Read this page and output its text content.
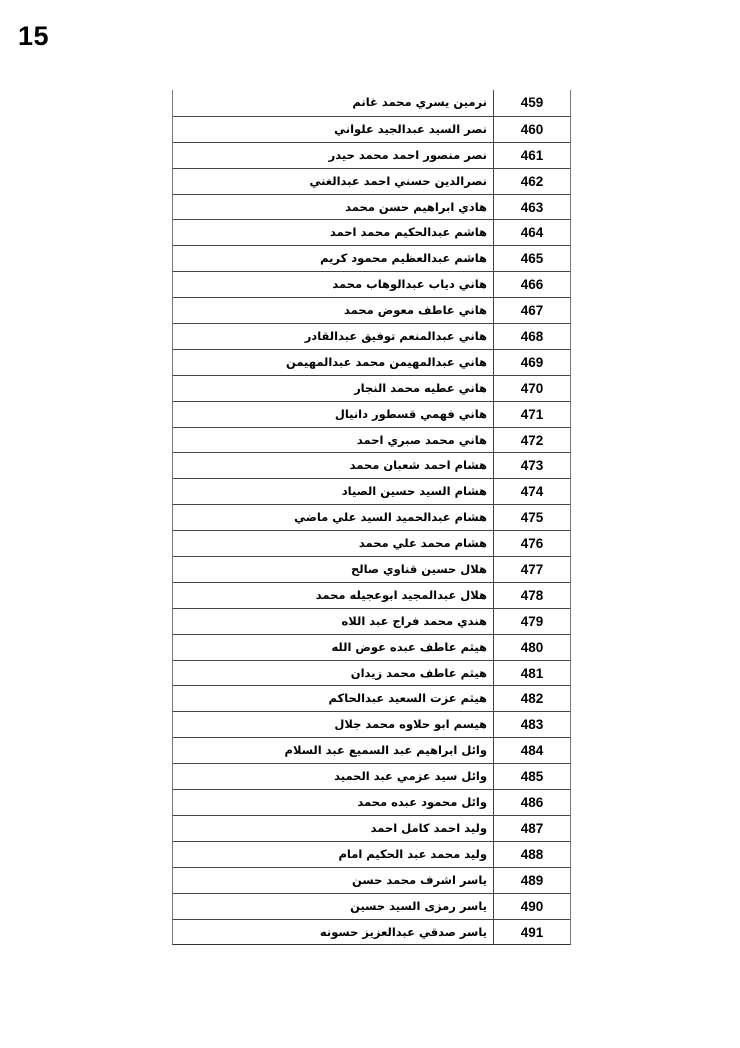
15
نرمين يسري محمد غانم	459
نصر السيد عبدالجيد علواني	460
نصر منصور احمد محمد حيدر	461
نصرالدين حسني احمد عبدالغني	462
هادي ابراهيم حسن محمد	463
هاشم عبدالحكيم محمد احمد	464
هاشم عبدالعظيم محمود كريم	465
هاني دياب عبدالوهاب محمد	466
هاني عاطف معوض محمد	467
هاني عبدالمنعم توفيق عبدالقادر	468
هاني عبدالمهيمن محمد عبدالمهيمن	469
هاني عطيه محمد النجار	470
هاني فهمي قسطور دانيال	471
هاني محمد صبري احمد	472
هشام احمد شعبان محمد	473
هشام السيد حسين الصياد	474
هشام عبدالحميد السيد علي ماضي	475
هشام محمد علي محمد	476
هلال حسين قناوي صالح	477
هلال عبدالمجيد ابوعجيله محمد	478
هندي محمد فراج عبد اللاه	479
هيثم عاطف عبده عوض الله	480
هيثم عاطف محمد زيدان	481
هيثم عزت السعيد عبدالحاكم	482
هيسم ابو حلاوه محمد جلال	483
وائل ابراهيم عبد السميع عبد السلام	484
وائل سيد عزمي عبد الحميد	485
وائل محمود عبده محمد	486
وليد احمد كامل احمد	487
وليد محمد عبد الحكيم امام	488
ياسر اشرف محمد حسن	489
ياسر رمزى السيد حسين	490
ياسر صدقي عبدالعزيز حسونه	491
